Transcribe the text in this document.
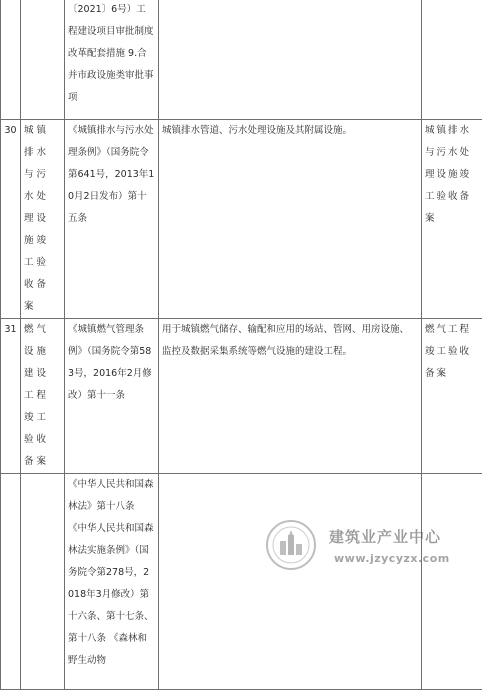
		〔2021〕6号）工程建设项目审批制度改革配套措施 9.合并市政设施类审批事项		
30	城镇排水与污水处理设施竣工验收备案	《城镇排水与污水处理条例》（国务院令第641号，2013年10月2日发布）第十五条	城镇排水管道、污水处理设施及其附属设施。	城镇排水与污水处理设施竣工验收备案
31	燃气设施建设工程竣工验收备案	《城镇燃气管理条例》（国务院令第583号，2016年2月修改）第十一条	用于城镇燃气储存、输配和应用的场站、管网、用房设施、监控及数据采集系统等燃气设施的建设工程。	燃气工程竣工验收备案
		《中华人民共和国森林法》第十八条 《中华人民共和国森林法实施条例》（国务院令第278号，2018年3月修改）第十六条、第十七条、第十八条 《森林和野生动物		
建筑业产业中心
www.jzycyzx.com
